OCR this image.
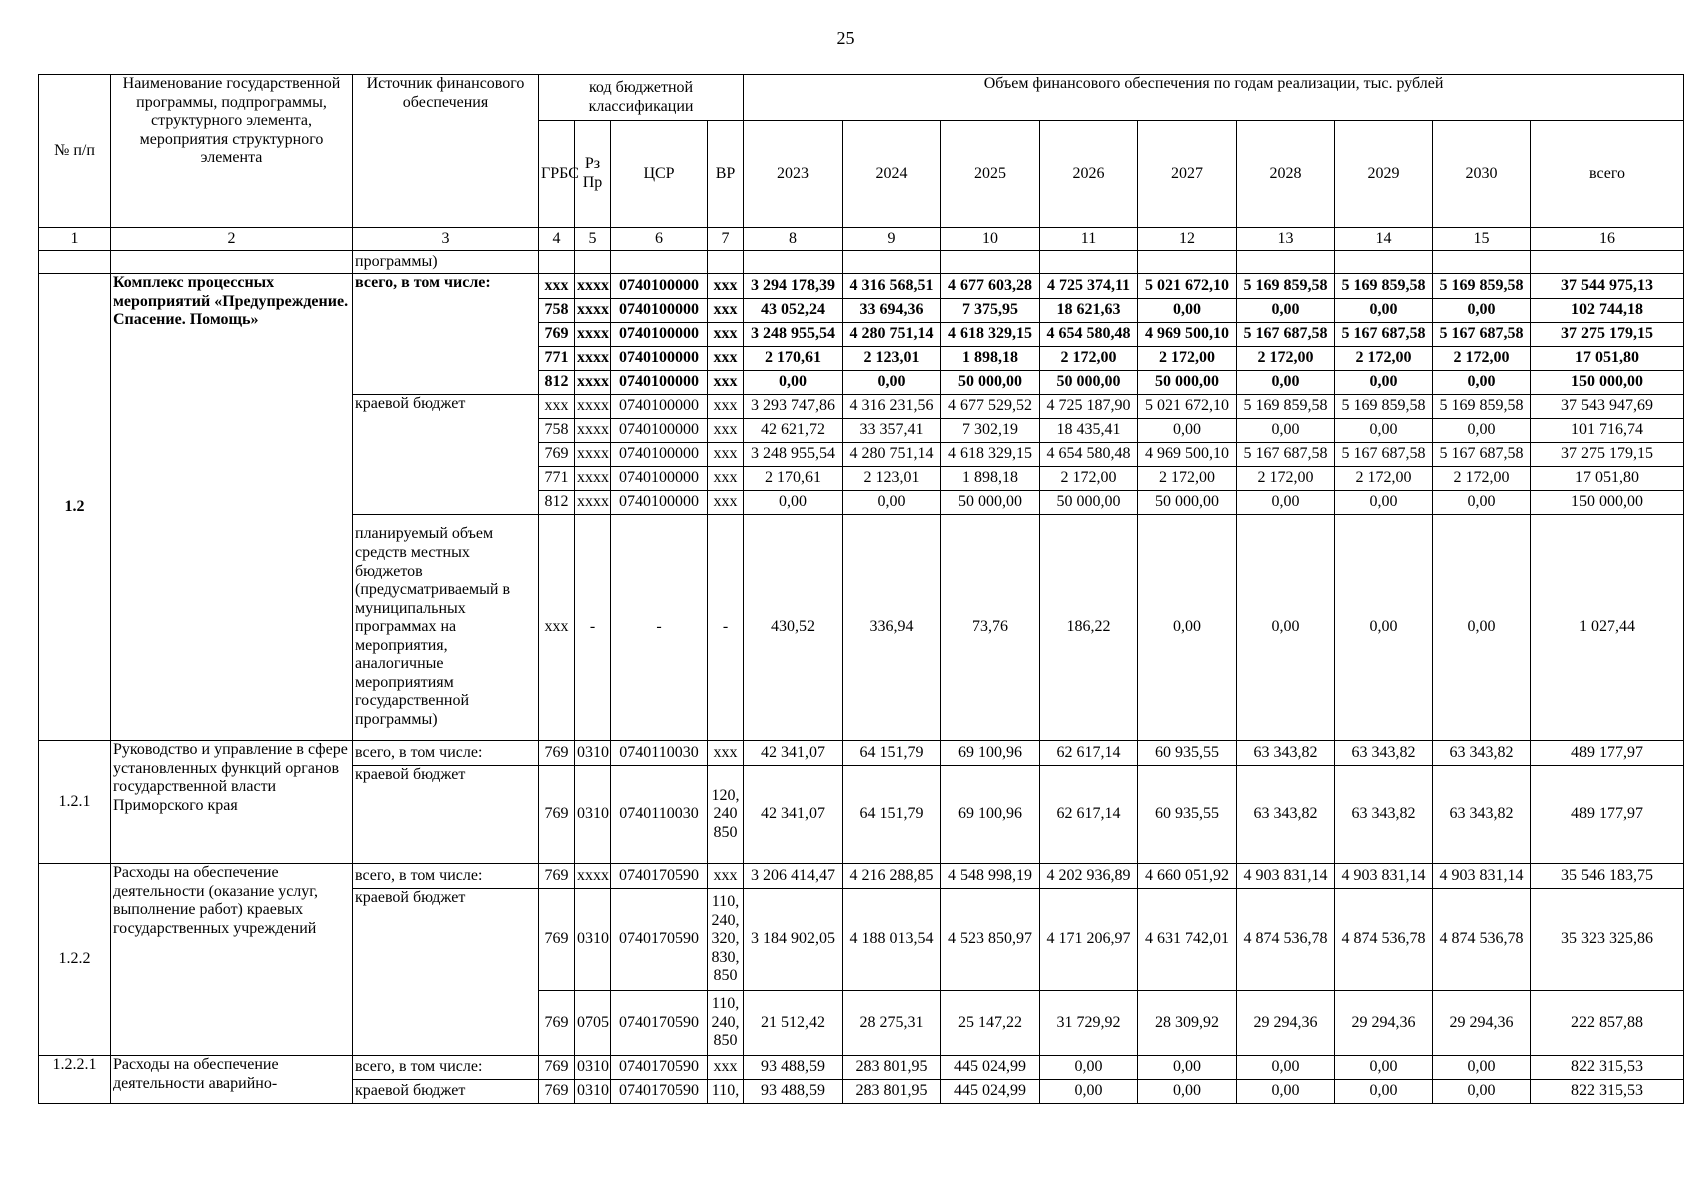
25
№ п/п	Наименование государственной программы, подпрограммы, структурного элемента, мероприятия структурного элемента	Источник финансового обеспечения	код бюджетной классификации				Объем финансового обеспечения по годам реализации, тыс. рублей								
			ГРБС	Рз Пр	ЦСР	ВР	2023	2024	2025	2026	2027	2028	2029	2030	всего
1	2	3	4	5	6	7	8	9	10	11	12	13	14	15	16
		программы)													
1.2	Комплекс процессных мероприятий «Предупреждение. Спасение. Помощь»	всего, в том числе:	ххх	хххх	0740100000	ххх	3 294 178,39	4 316 568,51	4 677 603,28	4 725 374,11	5 021 672,10	5 169 859,58	5 169 859,58	5 169 859,58	37 544 975,13
			758	хххх	0740100000	ххх	43 052,24	33 694,36	7 375,95	18 621,63	0,00	0,00	0,00	0,00	102 744,18
			769	хххх	0740100000	ххх	3 248 955,54	4 280 751,14	4 618 329,15	4 654 580,48	4 969 500,10	5 167 687,58	5 167 687,58	5 167 687,58	37 275 179,15
			771	хххх	0740100000	ххх	2 170,61	2 123,01	1 898,18	2 172,00	2 172,00	2 172,00	2 172,00	2 172,00	17 051,80
			812	хххх	0740100000	ххх	0,00	0,00	50 000,00	50 000,00	50 000,00	0,00	0,00	0,00	150 000,00
		краевой бюджет	ххх	хххх	0740100000	ххх	3 293 747,86	4 316 231,56	4 677 529,52	4 725 187,90	5 021 672,10	5 169 859,58	5 169 859,58	5 169 859,58	37 543 947,69
			758	хххх	0740100000	ххх	42 621,72	33 357,41	7 302,19	18 435,41	0,00	0,00	0,00	0,00	101 716,74
			769	хххх	0740100000	ххх	3 248 955,54	4 280 751,14	4 618 329,15	4 654 580,48	4 969 500,10	5 167 687,58	5 167 687,58	5 167 687,58	37 275 179,15
			771	хххх	0740100000	ххх	2 170,61	2 123,01	1 898,18	2 172,00	2 172,00	2 172,00	2 172,00	2 172,00	17 051,80
			812	хххх	0740100000	ххх	0,00	0,00	50 000,00	50 000,00	50 000,00	0,00	0,00	0,00	150 000,00
		планируемый объем средств местных бюджетов (предусматриваемый в муниципальных программах на мероприятия, аналогичные мероприятиям государственной программы)	ххх	-	-	-	430,52	336,94	73,76	186,22	0,00	0,00	0,00	0,00	1 027,44
1.2.1	Руководство и управление в сфере установленных функций органов государственной власти Приморского края	всего, в том числе:	769	0310	0740110030	ххх	42 341,07	64 151,79	69 100,96	62 617,14	60 935,55	63 343,82	63 343,82	63 343,82	489 177,97
		краевой бюджет	769	0310	0740110030	120, 240 850	42 341,07	64 151,79	69 100,96	62 617,14	60 935,55	63 343,82	63 343,82	63 343,82	489 177,97
1.2.2	Расходы на обеспечение деятельности (оказание услуг, выполнение работ) краевых государственных учреждений	всего, в том числе:	769	хххх	0740170590	ххх	3 206 414,47	4 216 288,85	4 548 998,19	4 202 936,89	4 660 051,92	4 903 831,14	4 903 831,14	4 903 831,14	35 546 183,75
		краевой бюджет	769	0310	0740170590	110, 240, 320, 830, 850	3 184 902,05	4 188 013,54	4 523 850,97	4 171 206,97	4 631 742,01	4 874 536,78	4 874 536,78	4 874 536,78	35 323 325,86
			769	0705	0740170590	110, 240, 850	21 512,42	28 275,31	25 147,22	31 729,92	28 309,92	29 294,36	29 294,36	29 294,36	222 857,88
1.2.2.1	Расходы на обеспечение деятельности аварийно-	всего, в том числе:	769	0310	0740170590	ххх	93 488,59	283 801,95	445 024,99	0,00	0,00	0,00	0,00	0,00	822 315,53
		краевой бюджет	769	0310	0740170590	110,	93 488,59	283 801,95	445 024,99	0,00	0,00	0,00	0,00	0,00	822 315,53
